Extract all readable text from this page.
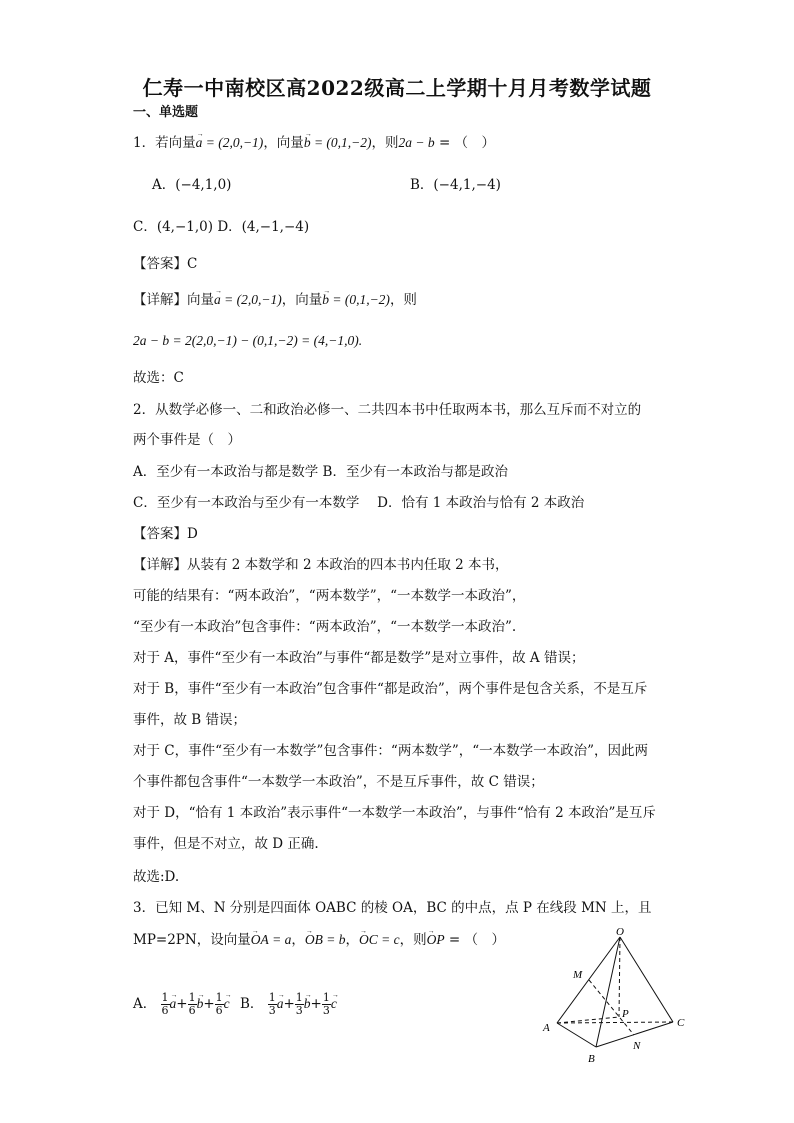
仁寿一中南校区高2022级高二上学期十月月考数学试题
一、单选题
1．若向量→ a = (2,0,−1)，向量→ b = (0,1,−2)，则2a − b = （　）
A．(−4,1,0)	B．(−4,1,−4)
C．(4,−1,0) D．(4,−1,−4)
【答案】C
【详解】向量→ a = (2,0,−1)，向量→ b = (0,1,−2)，则
2a − b = 2(2,0,−1) − (0,1,−2) = (4,−1,0).
故选：C
2．从数学必修一、二和政治必修一、二共四本书中任取两本书，那么互斥而不对立的
两个事件是（　）
A．至少有一本政治与都是数学 B．至少有一本政治与都是政治
C．至少有一本政治与至少有一本数学　 D．恰有 1 本政治与恰有 2 本政治
【答案】D
【详解】从装有 2 本数学和 2 本政治的四本书内任取 2 本书，
可能的结果有：“两本政治”，“两本数学”，“一本数学一本政治”，
“至少有一本政治”包含事件：“两本政治”，“一本数学一本政治”.
对于 A，事件“至少有一本政治”与事件“都是数学”是对立事件，故 A 错误；
对于 B，事件“至少有一本政治”包含事件“都是政治”，两个事件是包含关系，不是互斥
事件，故 B 错误；
对于 C，事件“至少有一本数学”包含事件：“两本数学”，“一本数学一本政治”，因此两
个事件都包含事件“一本数学一本政治”，不是互斥事件，故 C 错误；
对于 D，“恰有 1 本政治”表示事件“一本数学一本政治”，与事件“恰有 2 本政治”是互斥
事件，但是不对立，故 D 正确.
故选:D.
3．已知 M、N 分别是四面体 OABC 的棱 OA，BC 的中点，点 P 在线段 MN 上，且
MP=2PN，设向量→ OA = a，→ OB = b，→ OC = c，则→ OP = （　）
A． $\frac{1}{6}$
→ $a+ \frac{1}{6}$
→ $b+ \frac{1}{6}$
→ c B． $\frac{1}{3}$
→ $a+ \frac{1}{3}$
→ $b+ \frac{1}{3}$
→ c
O
M
A
B
C
N
P
